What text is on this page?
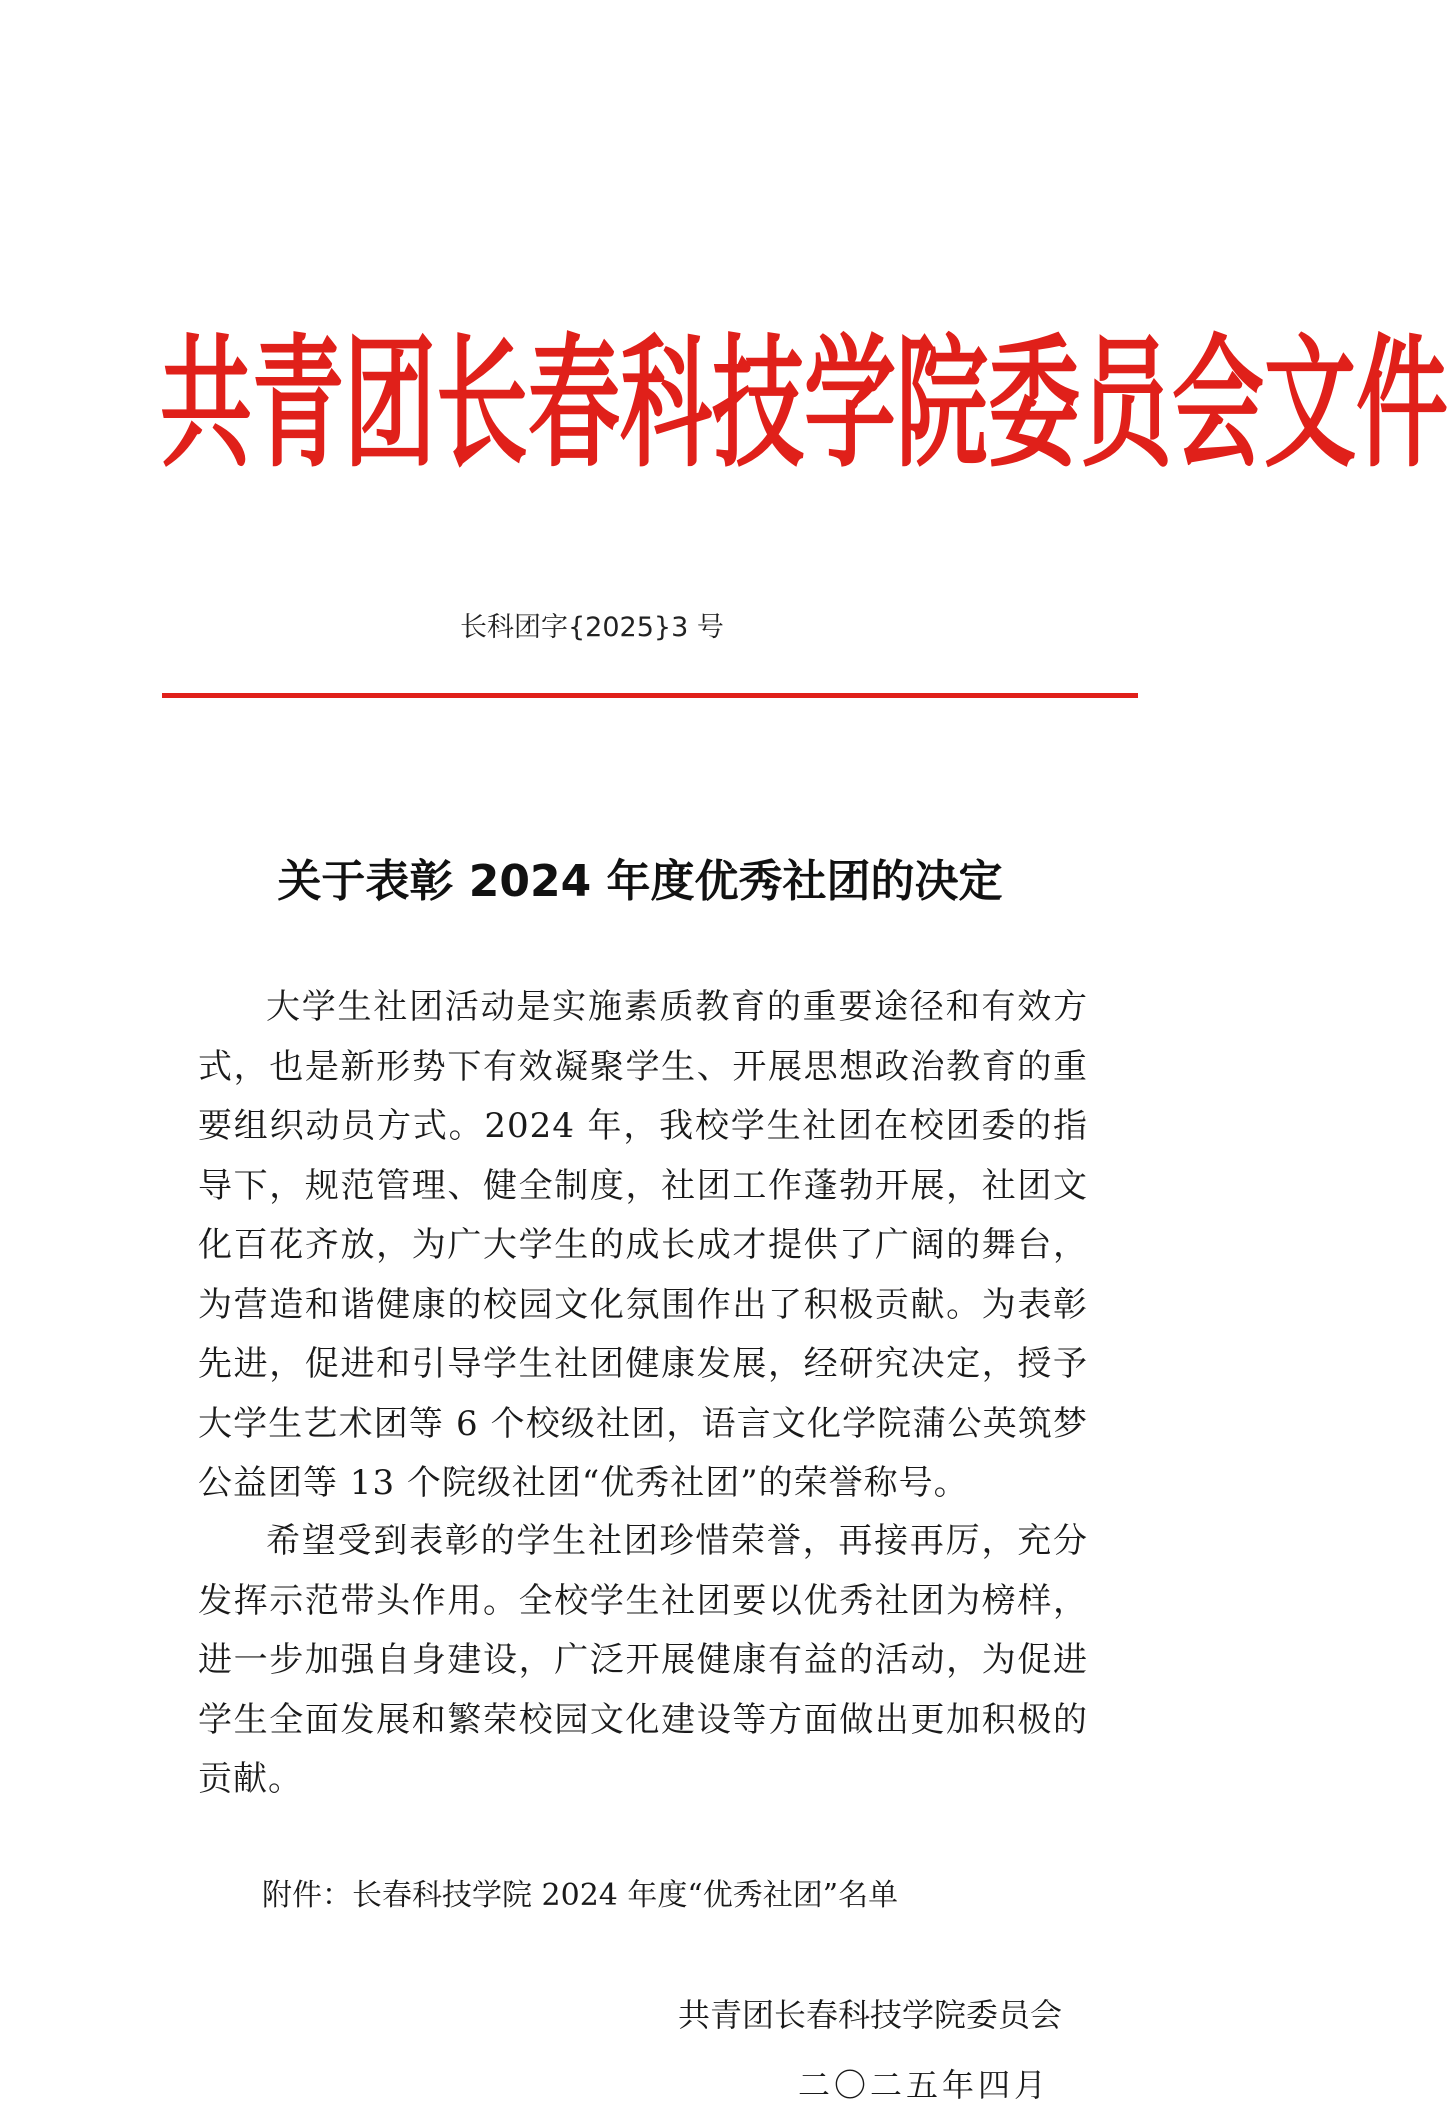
共青团长春科技学院委员会文件
长科团字{2025}3 号
关于表彰 2024 年度优秀社团的决定
大学生社团活动是实施素质教育的重要途径和有效方式，也是新形势下有效凝聚学生、开展思想政治教育的重要组织动员方式。2024 年，我校学生社团在校团委的指导下，规范管理、健全制度，社团工作蓬勃开展，社团文化百花齐放，为广大学生的成长成才提供了广阔的舞台，为营造和谐健康的校园文化氛围作出了积极贡献。为表彰先进，促进和引导学生社团健康发展，经研究决定，授予大学生艺术团等 6 个校级社团，语言文化学院蒲公英筑梦公益团等 13 个院级社团“优秀社团”的荣誉称号。
希望受到表彰的学生社团珍惜荣誉，再接再厉，充分发挥示范带头作用。全校学生社团要以优秀社团为榜样，进一步加强自身建设，广泛开展健康有益的活动，为促进学生全面发展和繁荣校园文化建设等方面做出更加积极的贡献。
附件：长春科技学院 2024 年度“优秀社团”名单
共青团长春科技学院委员会
二〇二五年四月
